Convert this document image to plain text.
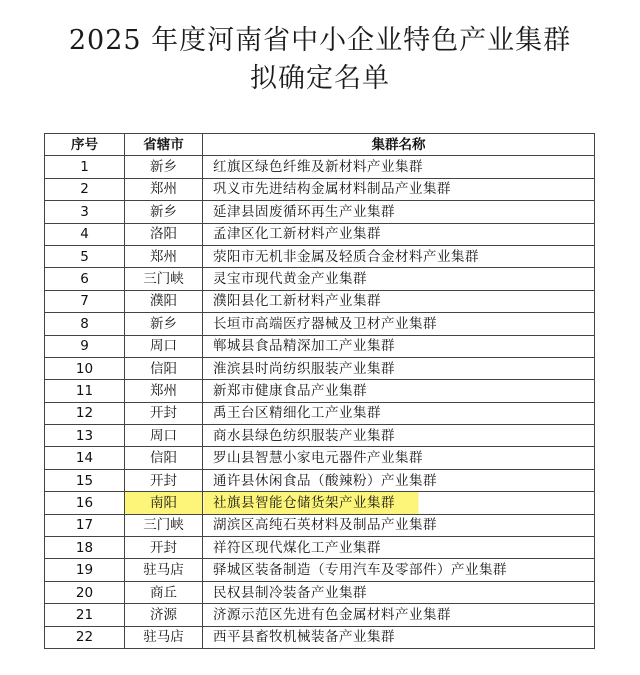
2025 年度河南省中小企业特色产业集群
拟确定名单
序号	省辖市	集群名称
1	新乡	红旗区绿色纤维及新材料产业集群
2	郑州	巩义市先进结构金属材料制品产业集群
3	新乡	延津县固废循环再生产业集群
4	洛阳	孟津区化工新材料产业集群
5	郑州	荥阳市无机非金属及轻质合金材料产业集群
6	三门峡	灵宝市现代黄金产业集群
7	濮阳	濮阳县化工新材料产业集群
8	新乡	长垣市高端医疗器械及卫材产业集群
9	周口	郸城县食品精深加工产业集群
10	信阳	淮滨县时尚纺织服装产业集群
11	郑州	新郑市健康食品产业集群
12	开封	禹王台区精细化工产业集群
13	周口	商水县绿色纺织服装产业集群
14	信阳	罗山县智慧小家电元器件产业集群
15	开封	通许县休闲食品（酸辣粉）产业集群
16	南阳	社旗县智能仓储货架产业集群
17	三门峡	湖滨区高纯石英材料及制品产业集群
18	开封	祥符区现代煤化工产业集群
19	驻马店	驿城区装备制造（专用汽车及零部件）产业集群
20	商丘	民权县制冷装备产业集群
21	济源	济源示范区先进有色金属材料产业集群
22	驻马店	西平县畜牧机械装备产业集群
